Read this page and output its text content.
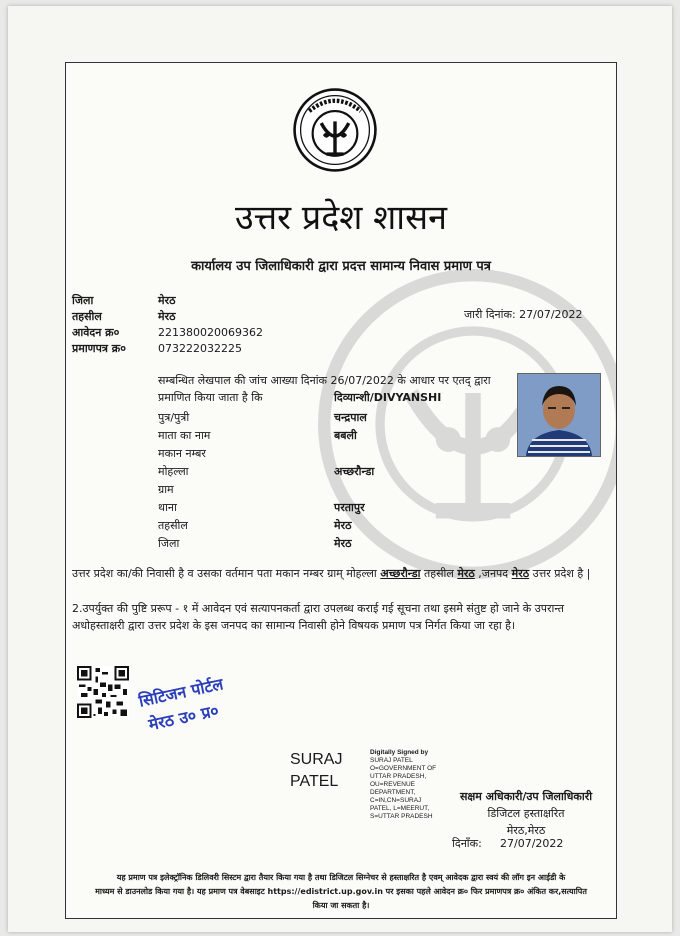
उत्तर प्रदेश शासन
कार्यालय उप जिलाधिकारी द्वारा प्रदत्त सामान्य निवास प्रमाण पत्र
जिला	मेरठ
तहसील	मेरठ
आवेदन क्र०	221380020069362
प्रमाणपत्र क्र०	073222032225
जारी दिनांक: 27/07/2022
सम्बन्धित लेखपाल की जांच आख्या दिनांक 26/07/2022 के आधार पर एतद् द्वारा
प्रमाणित किया जाता है कि	दिव्यान्शी/DIVYANSHI
पुत्र/पुत्री	चन्द्रपाल
माता का नाम	बबली
मकान नम्बर
मोहल्ला	अच्छरौन्डा
ग्राम
थाना	परतापुर
तहसील	मेरठ
जिला	मेरठ
उत्तर प्रदेश का/की निवासी है व उसका वर्तमान पता मकान नम्बर ग्राम् मोहल्ला अच्छरौन्डा तहसील मेरठ ,जनपद मेरठ उत्तर प्रदेश है |
2.उपर्युक्त की पुष्टि प्ररूप - १ में आवेदन एवं सत्यापनकर्ता द्वारा उपलब्ध कराई गई सूचना तथा इसमे संतुष्ट हो जाने के उपरान्त अधोहस्ताक्षरी द्वारा उत्तर प्रदेश के इस जनपद का सामान्य निवासी होने विषयक प्रमाण पत्र निर्गत किया जा रहा है।
सिटिजन पोर्टल
मेरठ उ० प्र०
SURAJ
PATEL
Digitally Signed by
SURAJ PATEL
O=GOVERNMENT OF
UTTAR PRADESH,
OU=REVENUE
DEPARTMENT,
C=IN,CN=SURAJ
PATEL, L=MEERUT,
S=UTTAR PRADESH
सक्षम अधिकारी/उप जिलाधिकारी
डिजिटल हस्ताक्षरित
मेरठ,मेरठ
दिनाँक: 27/07/2022
यह प्रमाण पत्र इलेक्ट्रॉनिक डिलिवरी सिस्टम द्वारा तैयार किया गया है तथा डिजिटल सिग्नेचर से हस्ताक्षरित है एवम् आवेदक द्वारा स्वयं की लॉग इन आईडी के
माध्यम से डाउनलोड किया गया है। यह प्रमाण पत्र वेबसाइट https://edistrict.up.gov.in पर इसका पहले आवेदन क्र० फिर प्रमाणपत्र क्र० अंकित कर,सत्यापित
किया जा सकता है।
